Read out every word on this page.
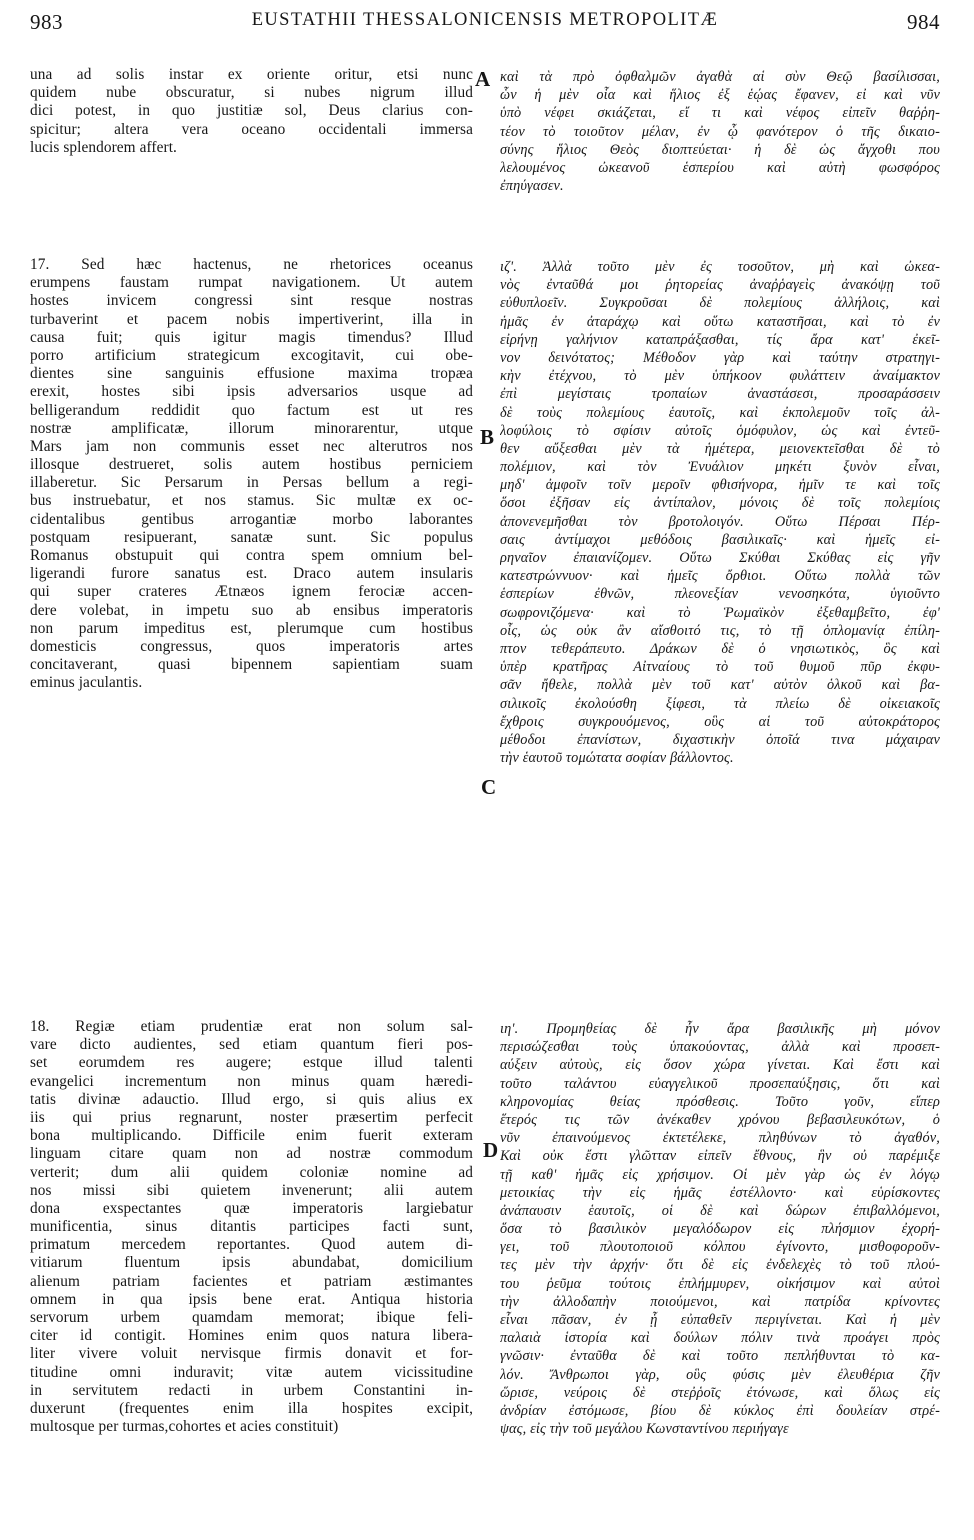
983	EUSTATHII THESSALONICENSIS METROPOLITÆ	984
A
B
C
D
una ad solis instar ex oriente oritur, etsi nunc
quidem nube obscuratur, si nubes nigrum illud
dici potest, in quo justitiæ sol, Deus clarius con-
spicitur; altera vera oceano occidentali immersa
lucis splendorem affert.
καὶ τὰ πρὸ ὀφθαλμῶν ἀγαθὰ αἱ σὺν Θεῷ βασίλισσαι,
ὧν ἡ μὲν οἷα καὶ ἥλιος ἐξ ἑῴας ἔφανεν, εἰ καὶ νῦν
ὑπὸ νέφει σκιάζεται, εἴ τι καὶ νέφος εἰπεῖν θαῤῥη-
τέον τὸ τοιοῦτον μέλαν, ἐν ᾧ φανότερον ὁ τῆς δικαιο-
σύνης ἥλιος Θεὸς διοπτεύεται· ἡ δὲ ὡς ἄγχοθι που
λελουμένος ὠκεανοῦ ἑσπερίου καὶ αὐτὴ φωσφόρος
ἐπηύγασεν.
17. Sed hæc hactenus, ne rhetorices oceanus
erumpens faustam rumpat navigationem. Ut autem
hostes invicem congressi sint resque nostras
turbaverint et pacem nobis impertiverint, illa in
causa fuit; quis igitur magis timendus? Illud
porro artificium strategicum excogitavit, cui obe-
dientes sine sanguinis effusione maxima tropæa
erexit, hostes sibi ipsis adversarios usque ad
belligerandum reddidit quo factum est ut res
nostræ amplificatæ, illorum minorarentur, utque
Mars jam non communis esset nec alterutros nos
illosque destrueret, solis autem hostibus perniciem
illaberetur. Sic Persarum in Persas bellum a regi-
bus instruebatur, et nos stamus. Sic multæ ex oc-
cidentalibus gentibus arrogantiæ morbo laborantes
postquam resipuerant, sanatæ sunt. Sic populus
Romanus obstupuit qui contra spem omnium bel-
ligerandi furore sanatus est. Draco autem insularis
qui super crateres Ætnæos ignem ferociæ accen-
dere volebat, in impetu suo ab ensibus imperatoris
non parum impeditus est, plerumque cum hostibus
domesticis congressus, quos imperatoris artes
concitaverant, quasi bipennem sapientiam suam
eminus jaculantis.
ιζ'. Ἀλλὰ τοῦτο μὲν ἐς τοσοῦτον, μὴ καὶ ὠκεα-
νὸς ἐνταῦθά μοι ῥητορείας ἀναῤῥαγεὶς ἀνακόψῃ τοῦ
εὐθυπλοεῖν. Συγκροῦσαι δὲ πολεμίους ἀλλήλοις, καὶ
ἡμᾶς ἐν ἀταράχῳ καὶ οὕτω καταστῆσαι, καὶ τὸ ἐν
εἰρήνῃ γαλήνιον καταπράξασθαι, τίς ἄρα κατ' ἐκεῖ-
νον δεινότατος; Μέθοδον γὰρ καὶ ταύτην στρατηγι-
κὴν ἐτέχνου, τὸ μὲν ὑπήκοον φυλάττειν ἀναίμακτον
ἐπὶ μεγίσταις τροπαίων ἀναστάσεσι, προσαράσσειν
δὲ τοὺς πολεμίους ἑαυτοῖς, καὶ ἐκπολεμοῦν τοῖς ἀλ-
λοφύλοις τὸ σφίσιν αὐτοῖς ὁμόφυλον, ὡς καὶ ἐντεῦ-
θεν αὔξεσθαι μὲν τὰ ἡμέτερα, μειονεκτεῖσθαι δὲ τὸ
πολέμιον, καὶ τὸν Ἐνυάλιον μηκέτι ξυνὸν εἶναι,
μηδ' ἀμφοῖν τοῖν μεροῖν φθισήνορα, ἡμῖν τε καὶ τοῖς
ὅσοι ἐξῆσαν εἰς ἀντίπαλον, μόνοις δὲ τοῖς πολεμίοις
ἀπονενεμῆσθαι τὸν βροτολοιγόν. Οὕτω Πέρσαι Πέρ-
σαις ἀντίμαχοι μεθόδοις βασιλικαῖς· καὶ ἡμεῖς εἰ-
ρηναῖον ἐπαιανίζομεν. Οὕτω Σκύθαι Σκύθας εἰς γῆν
κατεστρώννυον· καὶ ἡμεῖς ὄρθιοι. Οὕτω πολλὰ τῶν
ἑσπερίων ἐθνῶν, πλεονεξίαν νενοσηκότα, ὑγιοῦντο
σωφρονιζόμενα· καὶ τὸ Ῥωμαϊκὸν ἐξεθαμβεῖτο, ἐφ'
οἷς, ὡς οὐκ ἂν αἴσθοιτό τις, τὸ τῇ ὁπλομανίᾳ ἐπίλη-
πτον τεθεράπευτο. Δράκων δὲ ὁ νησιωτικὸς, ὃς καὶ
ὑπὲρ κρατῆρας Αἰτναίους τὸ τοῦ θυμοῦ πῦρ ἐκφυ-
σᾶν ἤθελε, πολλὰ μὲν τοῦ κατ' αὐτὸν ὁλκοῦ καὶ βα-
σιλικοῖς ἐκολούσθη ξίφεσι, τὰ πλείω δὲ οἰκειακοῖς
ἔχθροις συγκρουόμενος, οὓς αἱ τοῦ αὐτοκράτορος
μέθοδοι ἐπανίστων, διχαστικὴν ὁποῖά τινα μάχαιραν
τὴν ἑαυτοῦ τομώτατα σοφίαν βάλλοντος.
18. Regiæ etiam prudentiæ erat non solum sal-
vare dicto audientes, sed etiam quantum fieri pos-
set eorumdem res augere; estque illud talenti
evangelici incrementum non minus quam hæredi-
tatis divinæ adauctio. Illud ergo, si quis alius ex
iis qui prius regnarunt, noster præsertim perfecit
bona multiplicando. Difficile enim fuerit exteram
linguam citare quam non ad nostræ commodum
verterit; dum alii quidem coloniæ nomine ad
nos missi sibi quietem invenerunt; alii autem
dona exspectantes quæ imperatoris largiebatur
munificentia, sinus ditantis participes facti sunt,
primatum mercedem reportantes. Quod autem di-
vitiarum fluentum ipsis abundabat, domicilium
alienum patriam facientes et patriam æstimantes
omnem in qua ipsis bene erat. Antiqua historia
servorum urbem quamdam memorat; ibique feli-
citer id contigit. Homines enim quos natura libera-
liter vivere voluit nervisque firmis donavit et for-
titudine omni induravit; vitæ autem vicissitudine
in servitutem redacti in urbem Constantini in-
duxerunt (frequentes enim illa hospites excipit,
multosque per turmas,cohortes et acies constituit)
ιη'. Προμηθείας δὲ ἦν ἄρα βασιλικῆς μὴ μόνον
περισώζεσθαι τοὺς ὑπακούοντας, ἀλλὰ καὶ προσεπ-
αύξειν αὐτοὺς, εἰς ὅσον χώρα γίνεται. Καὶ ἔστι καὶ
τοῦτο ταλάντου εὐαγγελικοῦ προσεπαύξησις, ὅτι καὶ
κληρονομίας θείας πρόσθεσις. Τοῦτο γοῦν, εἴπερ
ἕτερός τις τῶν ἀνέκαθεν χρόνου βεβασιλευκότων, ὁ
νῦν ἐπαινούμενος ἐκτετέλεκε, πληθύνων τὸ ἀγαθόν,
Καὶ οὐκ ἔστι γλῶτταν εἰπεῖν ἔθνους, ἣν οὐ παρέμιξε
τῇ καθ' ἡμᾶς εἰς χρήσιμον. Οἱ μὲν γὰρ ὡς ἐν λόγῳ
μετοικίας τὴν εἰς ἡμᾶς ἐστέλλοντο· καὶ εὑρίσκοντες
ἀνάπαυσιν ἑαυτοῖς, οἱ δὲ καὶ δώρων ἐπιβαλλόμενοι,
ὅσα τὸ βασιλικὸν μεγαλόδωρον εἰς πλήσμιον ἐχορή-
γει, τοῦ πλουτοποιοῦ κόλπου ἐγίνοντο, μισθοφοροῦν-
τες μὲν τὴν ἀρχήν· ὅτι δὲ εἰς ἐνδελεχὲς τὸ τοῦ πλού-
του ῥεῦμα τούτοις ἐπλήμμυρεν, οἰκήσιμον καὶ αὐτοὶ
τὴν ἀλλοδαπὴν ποιούμενοι, καὶ πατρίδα κρίνοντες
εἶναι πᾶσαν, ἐν ᾗ εὐπαθεῖν περιγίνεται. Καὶ ἡ μὲν
παλαιὰ ἱστορία καὶ δούλων πόλιν τινὰ προάγει πρὸς
γνῶσιν· ἐνταῦθα δὲ καὶ τοῦτο πεπλήθυνται τὸ κα-
λόν. Ἄνθρωποι γὰρ, οὓς φύσις μὲν ἐλευθέρια ζῆν
ὥρισε, νεύροις δὲ στεῤῥοῖς ἐτόνωσε, καὶ ὅλως εἰς
ἀνδρίαν ἐστόμωσε, βίου δὲ κύκλος ἐπὶ δουλείαν στρέ-
ψας, εἰς τὴν τοῦ μεγάλου Κωνσταντίνου περιήγαγε
